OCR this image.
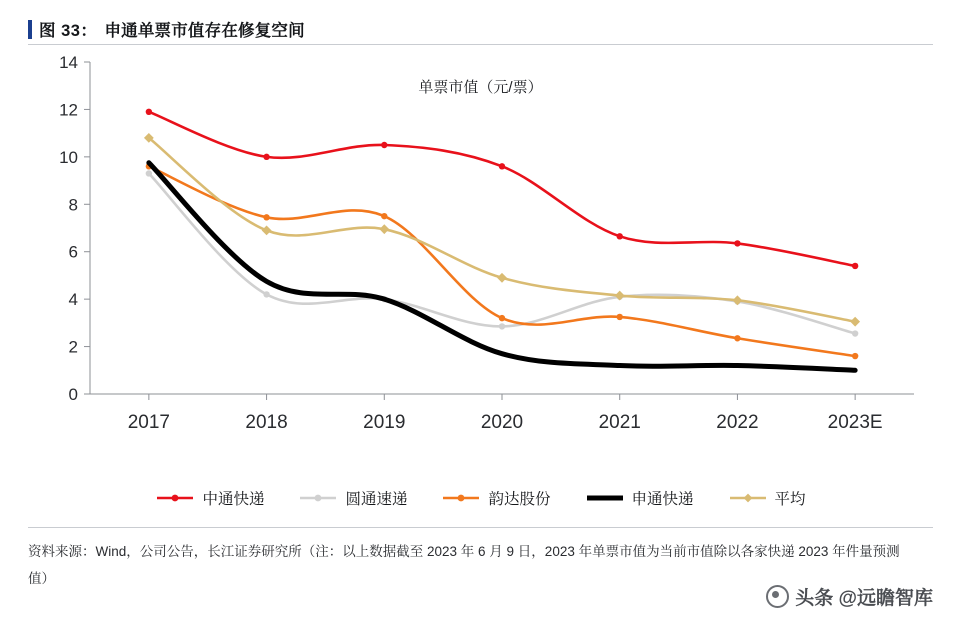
图 33： 申通单票市值存在修复空间
0
2
4
6
8
10
12
14
2017	2018	2019	2020	2021	2022	2023E
单票市值（元/票）
中通快递	圆通速递	韵达股份	申通快递	平均
资料来源：Wind，公司公告，长江证券研究所（注：以上数据截至 2023 年 6 月 9 日，2023 年单票市值为当前市值除以各家快递 2023 年件量预测值）
头条 @远瞻智库
